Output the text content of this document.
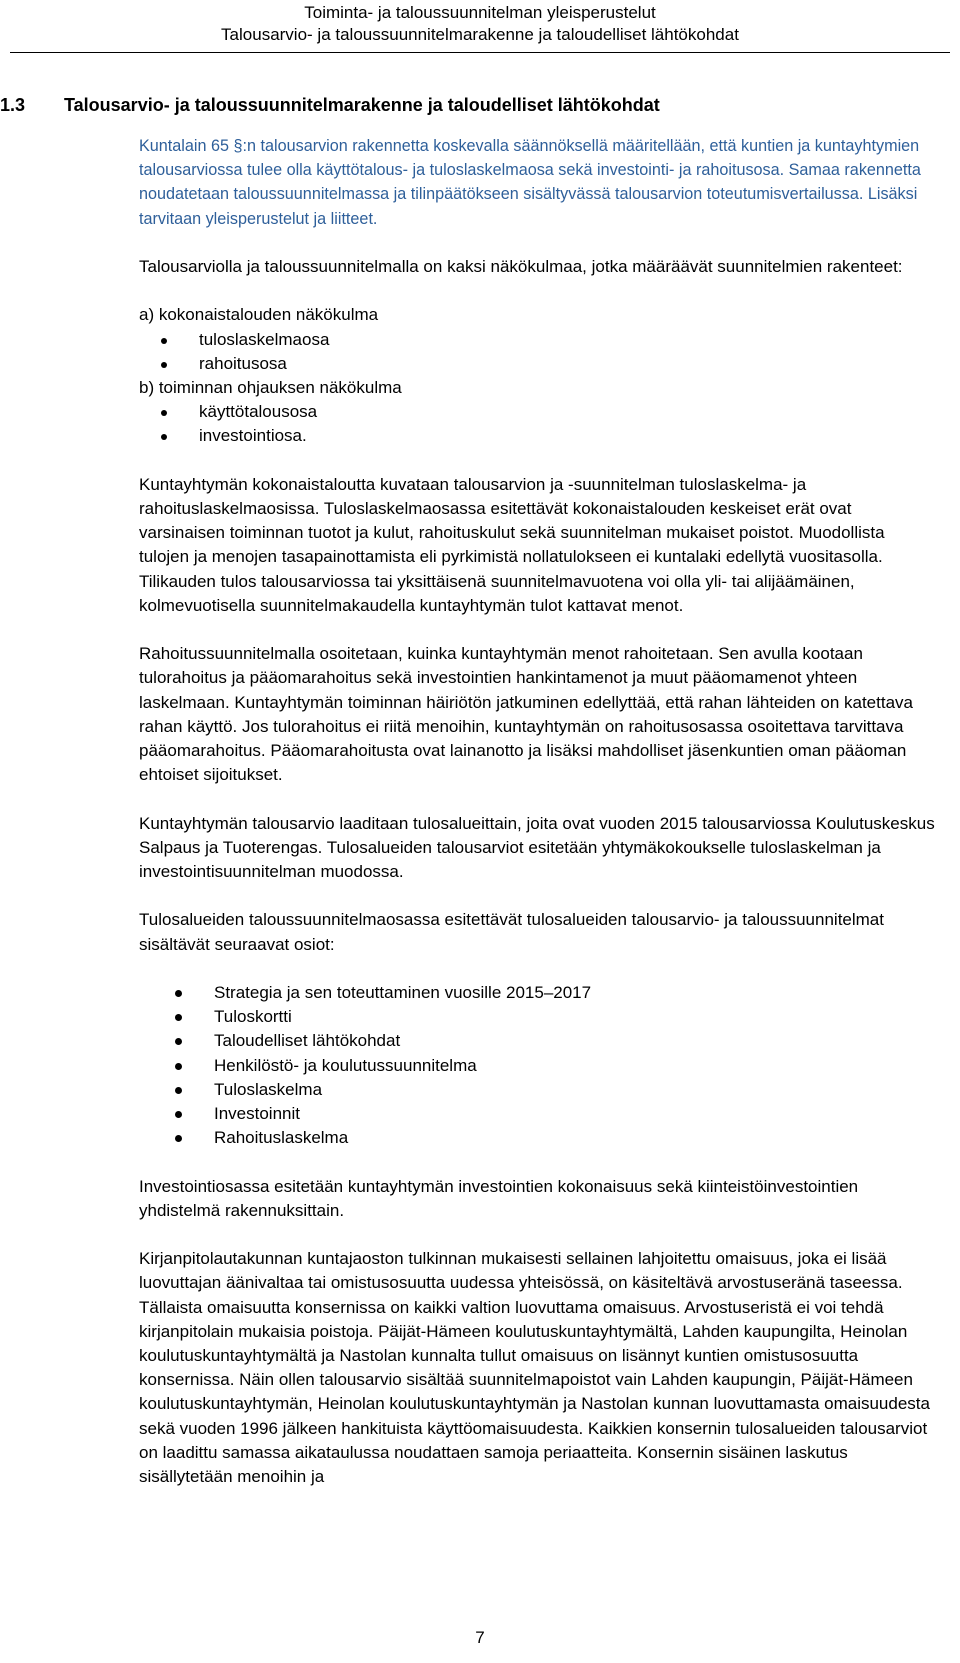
Toiminta- ja taloussuunnitelman yleisperustelut
Talousarvio- ja taloussuunnitelmarakenne ja taloudelliset lähtökohdat
1.3 Talousarvio- ja taloussuunnitelmarakenne ja taloudelliset lähtökohdat

Kuntalain 65 §:n talousarvion rakennetta koskevalla säännöksellä määritellään, että kuntien ja kuntayhtymien talousarviossa tulee olla käyttötalous- ja tuloslaskelmaosa sekä investointi- ja rahoitusosa. Samaa rakennetta noudatetaan taloussuunnitelmassa ja tilinpäätökseen sisältyvässä talousarvion toteutumisvertailussa. Lisäksi tarvitaan yleisperustelut ja liitteet.

Talousarviolla ja taloussuunnitelmalla on kaksi näkökulmaa, jotka määräävät suunnitelmien rakenteet:
a) kokonaistalouden näkökulma
tuloslaskelmaosa
rahoitusosa
b) toiminnan ohjauksen näkökulma
käyttötalousosa
investointiosa.

Kuntayhtymän kokonaistaloutta kuvataan talousarvion ja -suunnitelman tuloslaskelma- ja rahoituslaskelmaosissa. Tuloslaskelmaosassa esitettävät kokonaistalouden keskeiset erät ovat varsinaisen toiminnan tuotot ja kulut, rahoituskulut sekä suunnitelman mukaiset poistot. Muodollista tulojen ja menojen tasapainottamista eli pyrkimistä nollatulokseen ei kuntalaki edellytä vuositasolla. Tilikauden tulos talousarviossa tai yksittäisenä suunnitelmavuotena voi olla yli- tai alijäämäinen, kolmevuotisella suunnitelmakaudella kuntayhtymän tulot kattavat menot.

Rahoitussuunnitelmalla osoitetaan, kuinka kuntayhtymän menot rahoitetaan. Sen avulla kootaan tulorahoitus ja pääomarahoitus sekä investointien hankintamenot ja muut pääomamenot yhteen laskelmaan. Kuntayhtymän toiminnan häiriötön jatkuminen edellyttää, että rahan lähteiden on katettava rahan käyttö. Jos tulorahoitus ei riitä menoihin, kuntayhtymän on rahoitusosassa osoitettava tarvittava pääomarahoitus. Pääomarahoitusta ovat lainanotto ja lisäksi mahdolliset jäsenkuntien oman pääoman ehtoiset sijoitukset.

Kuntayhtymän talousarvio laaditaan tulosalueittain, joita ovat vuoden 2015 talousarviossa Koulutuskeskus Salpaus ja Tuoterengas. Tulosalueiden talousarviot esitetään yhtymäkokoukselle tuloslaskelman ja investointisuunnitelman muodossa.

Tulosalueiden taloussuunnitelmaosassa esitettävät tulosalueiden talousarvio- ja taloussuunnitelmat sisältävät seuraavat osiot:

Strategia ja sen toteuttaminen vuosille 2015–2017
Tuloskortti
Taloudelliset lähtökohdat
Henkilöstö- ja koulutussuunnitelma
Tuloslaskelma
Investoinnit
Rahoituslaskelma

Investointiosassa esitetään kuntayhtymän investointien kokonaisuus sekä kiinteistöinvestointien yhdistelmä rakennuksittain.

Kirjanpitolautakunnan kuntajaoston tulkinnan mukaisesti sellainen lahjoitettu omaisuus, joka ei lisää luovuttajan äänivaltaa tai omistusosuutta uudessa yhteisössä, on käsiteltävä arvostuseränä taseessa. Tällaista omaisuutta konsernissa on kaikki valtion luovuttama omaisuus. Arvostuseristä ei voi tehdä kirjanpitolain mukaisia poistoja. Päijät-Hämeen koulutuskuntayhtymältä, Lahden kaupungilta, Heinolan koulutuskuntayhtymältä ja Nastolan kunnalta tullut omaisuus on lisännyt kuntien omistusosuutta konsernissa. Näin ollen talousarvio sisältää suunnitelmapoistot vain Lahden kaupungin, Päijät-Hämeen koulutuskuntayhtymän, Heinolan koulutuskuntayhtymän ja Nastolan kunnan luovuttamasta omaisuudesta sekä vuoden 1996 jälkeen hankituista käyttöomaisuudesta. Kaikkien konsernin tulosalueiden talousarviot on laadittu samassa aikataulussa noudattaen samoja periaatteita. Konsernin sisäinen laskutus sisällytetään menoihin ja

7
